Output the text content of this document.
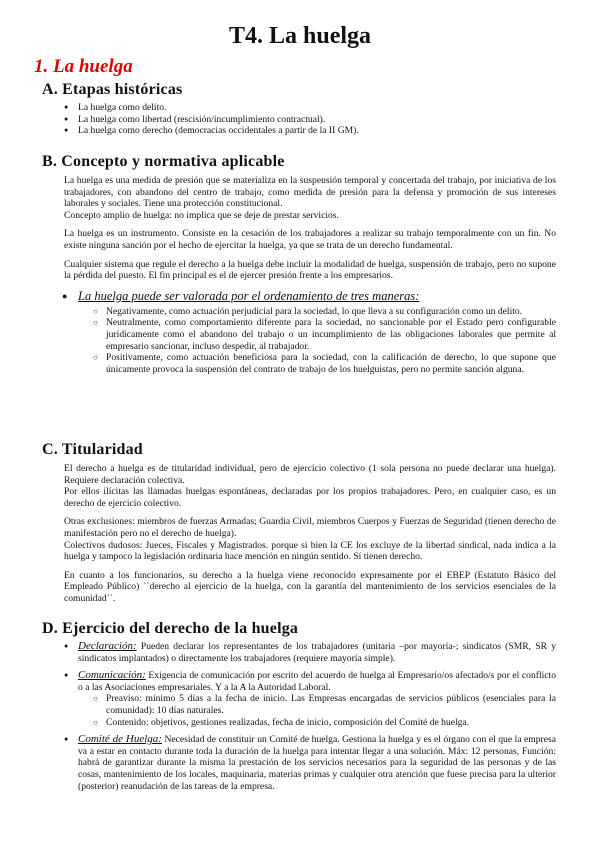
T4. La huelga
1. La huelga
A. Etapas históricas
● La huelga como delito.
● La huelga como libertad (rescisión/incumplimiento contractual).
● La huelga como derecho (democracias occidentales a partir de la II GM).
B. Concepto y normativa aplicable
La huelga es una medida de presión que se materializa en la suspensión temporal y concertada del trabajo, por iniciativa de los trabajadores, con abandono del centro de trabajo, como medida de presión para la defensa y promoción de sus intereses laborales y sociales. Tiene una protección constitucional.
Concepto amplio de huelga: no implica que se deje de prestar servicios.
La huelga es un instrumento. Consiste en la cesación de los trabajadores a realizar su trabajo temporalmente con un fin. No existe ninguna sanción por el hecho de ejercitar la huelga, ya que se trata de un derecho fundamental.
Cualquier sistema que regule el derecho a la huelga debe incluir la modalidad de huelga, suspensión de trabajo, pero no supone la pérdida del puesto. El fin principal es el de ejercer presión frente a los empresarios.
● La huelga puede ser valorada por el ordenamiento de tres maneras:
○ Negativamente, como actuación perjudicial para la sociedad, lo que lleva a su configuración como un delito.
○ Neutralmente, como comportamiento diferente para la sociedad, no sancionable por el Estado pero configurable jurídicamente como el abandono del trabajo o un incumplimiento de las obligaciones laborales que permite al empresario sancionar, incluso despedir, al trabajador.
○ Positivamente, como actuación beneficiosa para la sociedad, con la calificación de derecho, lo que supone que únicamente provoca la suspensión del contrato de trabajo de los huelguistas, pero no permite sanción alguna.
C. Titularidad
El derecho a huelga es de titularidad individual, pero de ejercicio colectivo (1 sola persona no puede declarar una huelga). Requiere declaración colectiva.
Por ellos ilícitas las llamadas huelgas espontáneas, declaradas por los propios trabajadores. Pero, en cualquier caso, es un derecho de ejercicio colectivo.
Otras exclusiones: miembros de fuerzas Armadas; Guardia Civil, miembros Cuerpos y Fuerzas de Seguridad (tienen derecho de manifestación pero no el derecho de huelga).
Colectivos dudosos: Jueces, Fiscales y Magistrados. porque si bien la CE los excluye de la libertad sindical, nada indica a la huelga y tampoco la legislación ordinaria hace mención en ningún sentido. Sí tienen derecho.
En cuanto a los funcionarios, su derecho a la huelga viene reconocido expresamente por el EBEP (Estatuto Básico del Empleado Público) ``derecho al ejercicio de la huelga, con la garantía del mantenimiento de los servicios esenciales de la comunidad´´.
D. Ejercicio del derecho de la huelga
● Declaración: Pueden declarar los representantes de los trabajadores (unitaria –por mayoría-; sindicatos (SMR, SR y sindicatos implantados) o directamente los trabajadores (requiere mayoría simple).
● Comunicación: Exigencia de comunicación por escrito del acuerdo de huelga al Empresario/os afectado/s por el conflicto o a las Asociaciones empresariales. Y a la A la Autoridad Laboral.
○ Preaviso: mínimo 5 días a la fecha de inicio. Las Empresas encargadas de servicios públicos (esenciales para la comunidad): 10 días naturales.
○ Contenido: objetivos, gestiones realizadas, fecha de inicio, composición del Comité de huelga.
● Comité de Huelga: Necesidad de constituir un Comité de huelga. Gestiona la huelga y es el órgano con el que la empresa va a estar en contacto durante toda la duración de la huelga para intentar llegar a una solución. Máx: 12 personas, Función: habrá de garantizar durante la misma la prestación de los servicios necesarios para la seguridad de las personas y de las cosas, mantenimiento de los locales, maquinaria, materias primas y cualquier otra atención que fuese precisa para la ulterior (posterior) reanudación de las tareas de la empresa.
